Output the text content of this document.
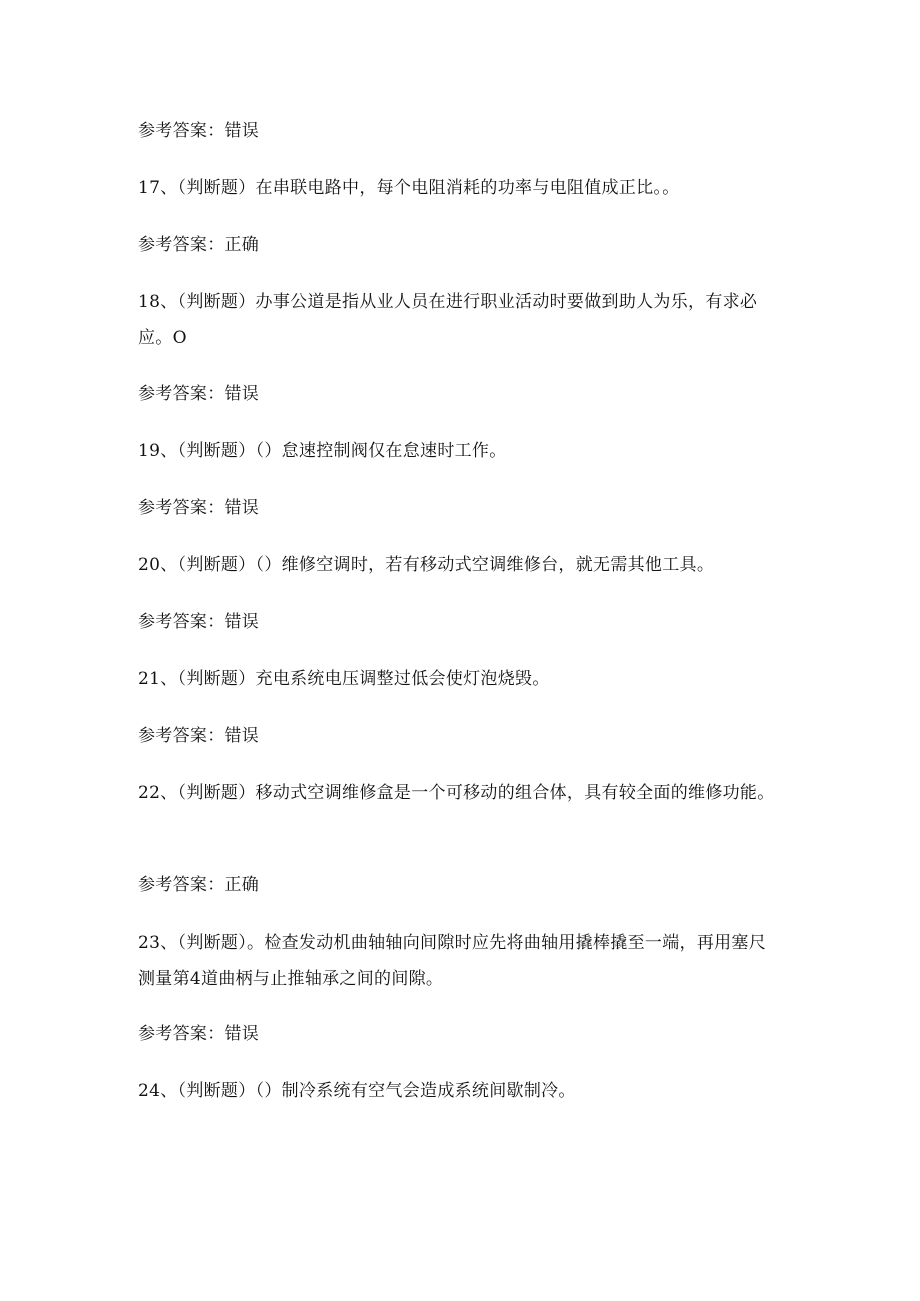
参考答案：错误
17、（判断题）在串联电路中，每个电阻消耗的功率与电阻值成正比。。
参考答案：正确
18、（判断题）办事公道是指从业人员在进行职业活动时要做到助人为乐，有求必应。O
参考答案：错误
19、（判断题）（）怠速控制阀仅在怠速时工作。
参考答案：错误
20、（判断题）（）维修空调时，若有移动式空调维修台，就无需其他工具。
参考答案：错误
21、（判断题）充电系统电压调整过低会使灯泡烧毁。
参考答案：错误
22、（判断题）移动式空调维修盒是一个可移动的组合体，具有较全面的维修功能。
参考答案：正确
23、（判断题）。检查发动机曲轴轴向间隙时应先将曲轴用撬棒撬至一端，再用塞尺测量第4道曲柄与止推轴承之间的间隙。
参考答案：错误
24、（判断题）（）制冷系统有空气会造成系统间歇制冷。
